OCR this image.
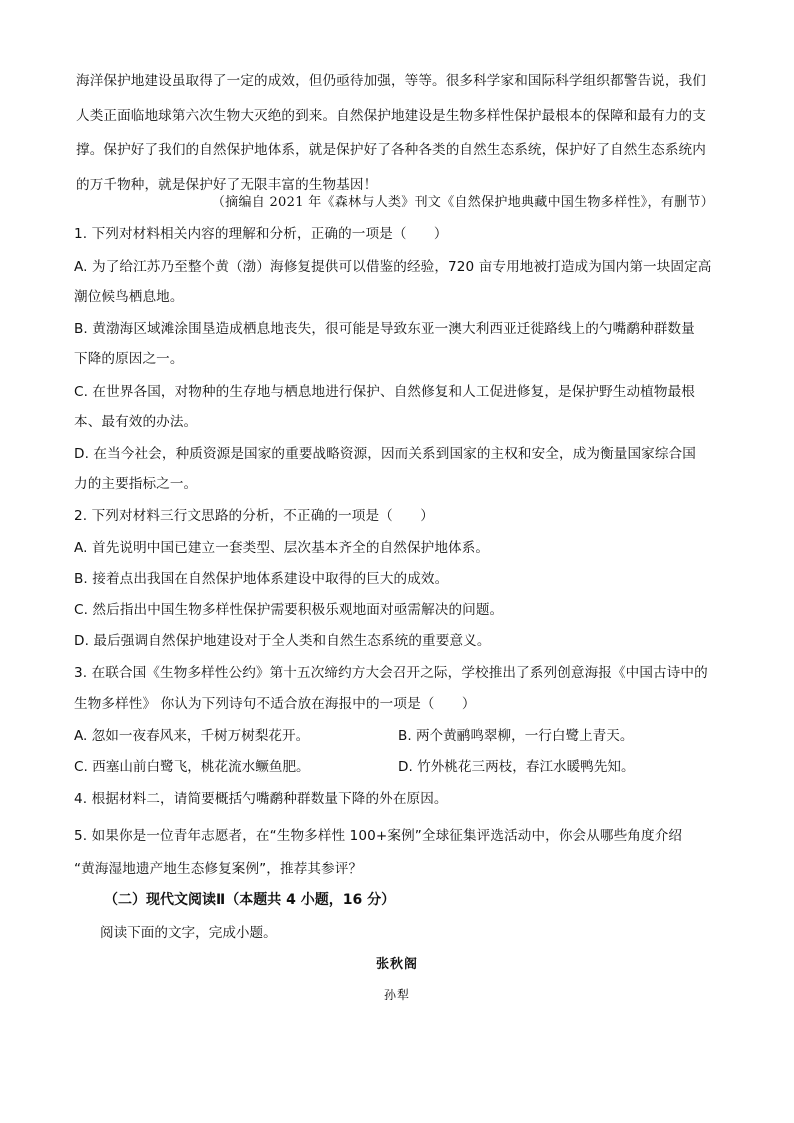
海洋保护地建设虽取得了一定的成效，但仍亟待加强，等等。很多科学家和国际科学组织都警告说，我们
人类正面临地球第六次生物大灭绝的到来。自然保护地建设是生物多样性保护最根本的保障和最有力的支
撑。保护好了我们的自然保护地体系，就是保护好了各种各类的自然生态系统，保护好了自然生态系统内
的万千物种，就是保护好了无限丰富的生物基因！
（摘编自 2021 年《森林与人类》刊文《自然保护地典藏中国生物多样性》，有删节）
1. 下列对材料相关内容的理解和分析，正确的一项是（　　）
A. 为了给江苏乃至整个黄（渤）海修复提供可以借鉴的经验，720 亩专用地被打造成为国内第一块固定高
潮位候鸟栖息地。
B. 黄渤海区域滩涂围垦造成栖息地丧失，很可能是导致东亚一澳大利西亚迁徙路线上的勺嘴鹬种群数量
下降的原因之一。
C. 在世界各国，对物种的生存地与栖息地进行保护、自然修复和人工促进修复，是保护野生动植物最根
本、最有效的办法。
D. 在当今社会，种质资源是国家的重要战略资源，因而关系到国家的主权和安全，成为衡量国家综合国
力的主要指标之一。
2. 下列对材料三行文思路的分析，不正确的一项是（　　）
A. 首先说明中国已建立一套类型、层次基本齐全的自然保护地体系。
B. 接着点出我国在自然保护地体系建设中取得的巨大的成效。
C. 然后指出中国生物多样性保护需要积极乐观地面对亟需解决的问题。
D. 最后强调自然保护地建设对于全人类和自然生态系统的重要意义。
3. 在联合国《生物多样性公约》第十五次缔约方大会召开之际，学校推出了系列创意海报《中国古诗中的
生物多样性》 你认为下列诗句不适合放在海报中的一项是（　　）
A. 忽如一夜春风来，千树万树梨花开。	B. 两个黄鹂鸣翠柳，一行白鹭上青天。
C. 西塞山前白鹭飞，桃花流水鳜鱼肥。	D. 竹外桃花三两枝，春江水暖鸭先知。
4. 根据材料二，请简要概括勺嘴鹬种群数量下降的外在原因。
5. 如果你是一位青年志愿者，在“生物多样性 100+案例”全球征集评选活动中，你会从哪些角度介绍
“黄海湿地遗产地生态修复案例”，推荐其参评？
（二）现代文阅读Ⅱ（本题共 4 小题，16 分）
阅读下面的文字，完成小题。
张秋阁
孙犁
